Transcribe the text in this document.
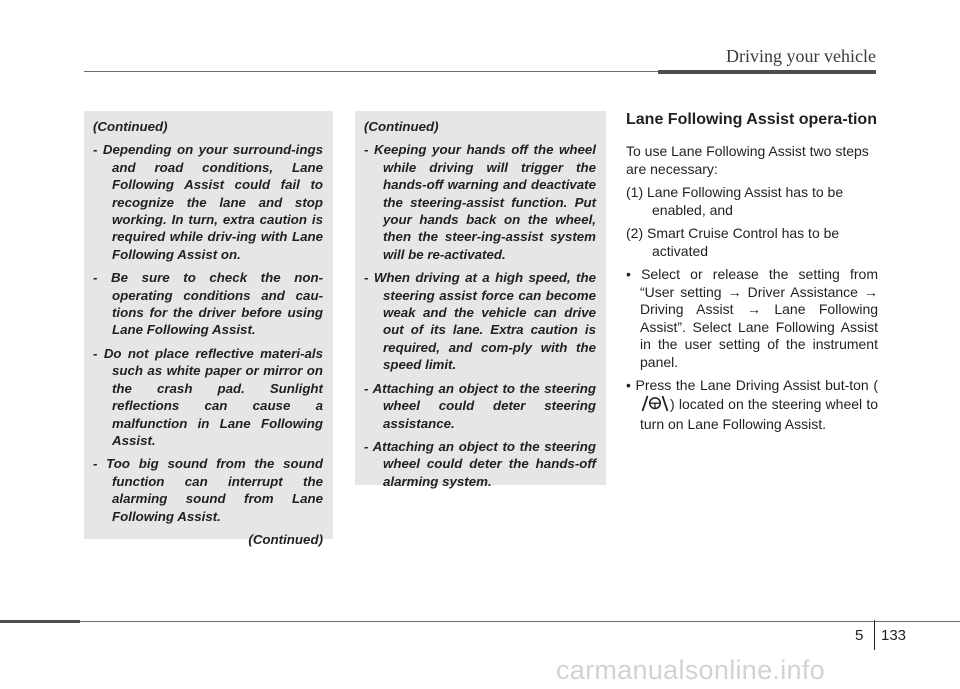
Driving your vehicle

(Continued)

- Depending on your surround-ings and road conditions, Lane Following Assist could fail to recognize the lane and stop working. In turn, extra caution is required while driv-ing with Lane Following Assist on.

- Be sure to check the non-operating conditions and cau-tions for the driver before using Lane Following Assist.

- Do not place reflective materi-als such as white paper or mirror on the crash pad. Sunlight reflections can cause a malfunction in Lane Following Assist.

- Too big sound from the sound function can interrupt the alarming sound from Lane Following Assist.

(Continued)

(Continued)

- Keeping your hands off the wheel while driving will trigger the hands-off warning and deactivate the steering-assist function. Put your hands back on the wheel, then the steer-ing-assist system will be re-activated.

- When driving at a high speed, the steering assist force can become weak and the vehicle can drive out of its lane. Extra caution is required, and com-ply with the speed limit.

- Attaching an object to the steering wheel could deter steering assistance.

- Attaching an object to the steering wheel could deter the hands-off alarming system.

Lane Following Assist opera-tion

To use Lane Following Assist two steps are necessary:

(1) Lane Following Assist has to be enabled, and

(2) Smart Cruise Control has to be activated

• Select or release the setting from “User setting → Driver Assistance → Driving Assist → Lane Following Assist”. Select Lane Following Assist in the user setting of the instrument panel.

• Press the Lane Driving Assist but-ton () located on the steering wheel to turn on Lane Following Assist.

5 133
carmanualsonline.info
